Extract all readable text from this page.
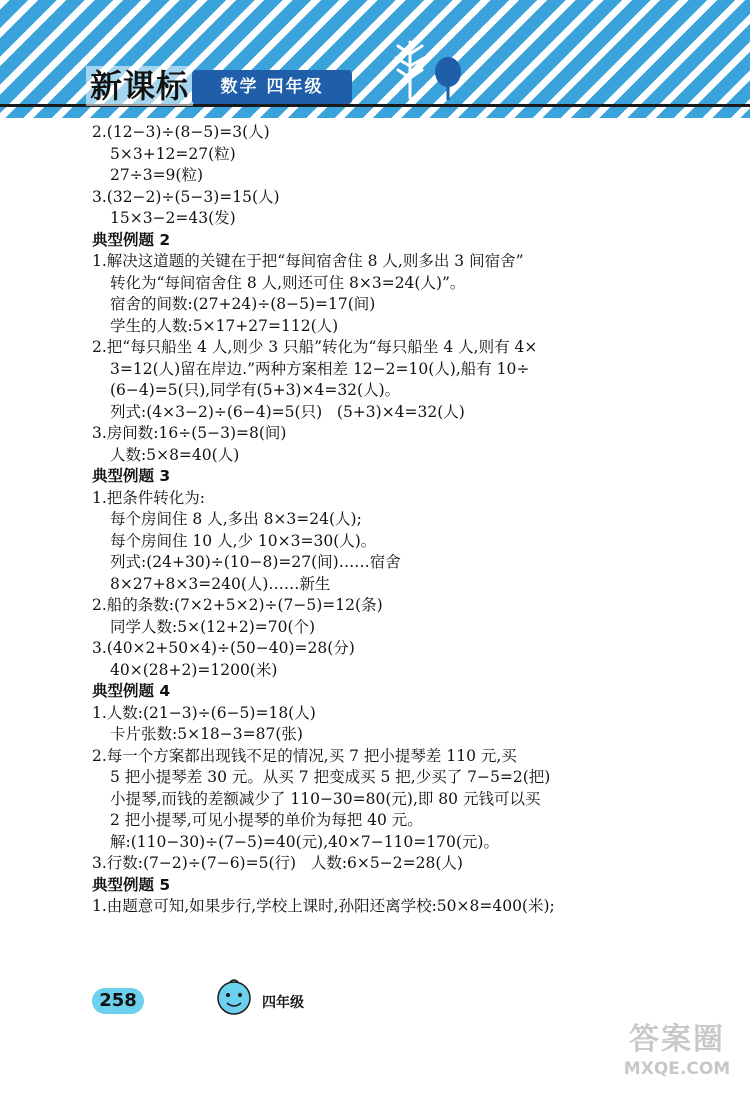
新课标	数学 四年级
2.(12−3)÷(8−5)=3(人)
5×3+12=27(粒)
27÷3=9(粒)
3.(32−2)÷(5−3)=15(人)
15×3−2=43(发)
典型例题 2
1.解决这道题的关键在于把“每间宿舍住 8 人,则多出 3 间宿舍”
转化为“每间宿舍住 8 人,则还可住 8×3=24(人)”。
宿舍的间数:(27+24)÷(8−5)=17(间)
学生的人数:5×17+27=112(人)
2.把“每只船坐 4 人,则少 3 只船”转化为“每只船坐 4 人,则有 4×
3=12(人)留在岸边.”两种方案相差 12−2=10(人),船有 10÷
(6−4)=5(只),同学有(5+3)×4=32(人)。
列式:(4×3−2)÷(6−4)=5(只)   (5+3)×4=32(人)
3.房间数:16÷(5−3)=8(间)
人数:5×8=40(人)
典型例题 3
1.把条件转化为:
每个房间住 8 人,多出 8×3=24(人);
每个房间住 10 人,少 10×3=30(人)。
列式:(24+30)÷(10−8)=27(间)……宿舍
8×27+8×3=240(人)……新生
2.船的条数:(7×2+5×2)÷(7−5)=12(条)
同学人数:5×(12+2)=70(个)
3.(40×2+50×4)÷(50−40)=28(分)
40×(28+2)=1200(米)
典型例题 4
1.人数:(21−3)÷(6−5)=18(人)
卡片张数:5×18−3=87(张)
2.每一个方案都出现钱不足的情况,买 7 把小提琴差 110 元,买
5 把小提琴差 30 元。从买 7 把变成买 5 把,少买了 7−5=2(把)
小提琴,而钱的差额减少了 110−30=80(元),即 80 元钱可以买
2 把小提琴,可见小提琴的单价为每把 40 元。
解:(110−30)÷(7−5)=40(元),40×7−110=170(元)。
3.行数:(7−2)÷(7−6)=5(行)   人数:6×5−2=28(人)
典型例题 5
1.由题意可知,如果步行,学校上课时,孙阳还离学校:50×8=400(米);
258	四年级
答案圈
MXQE.COM
